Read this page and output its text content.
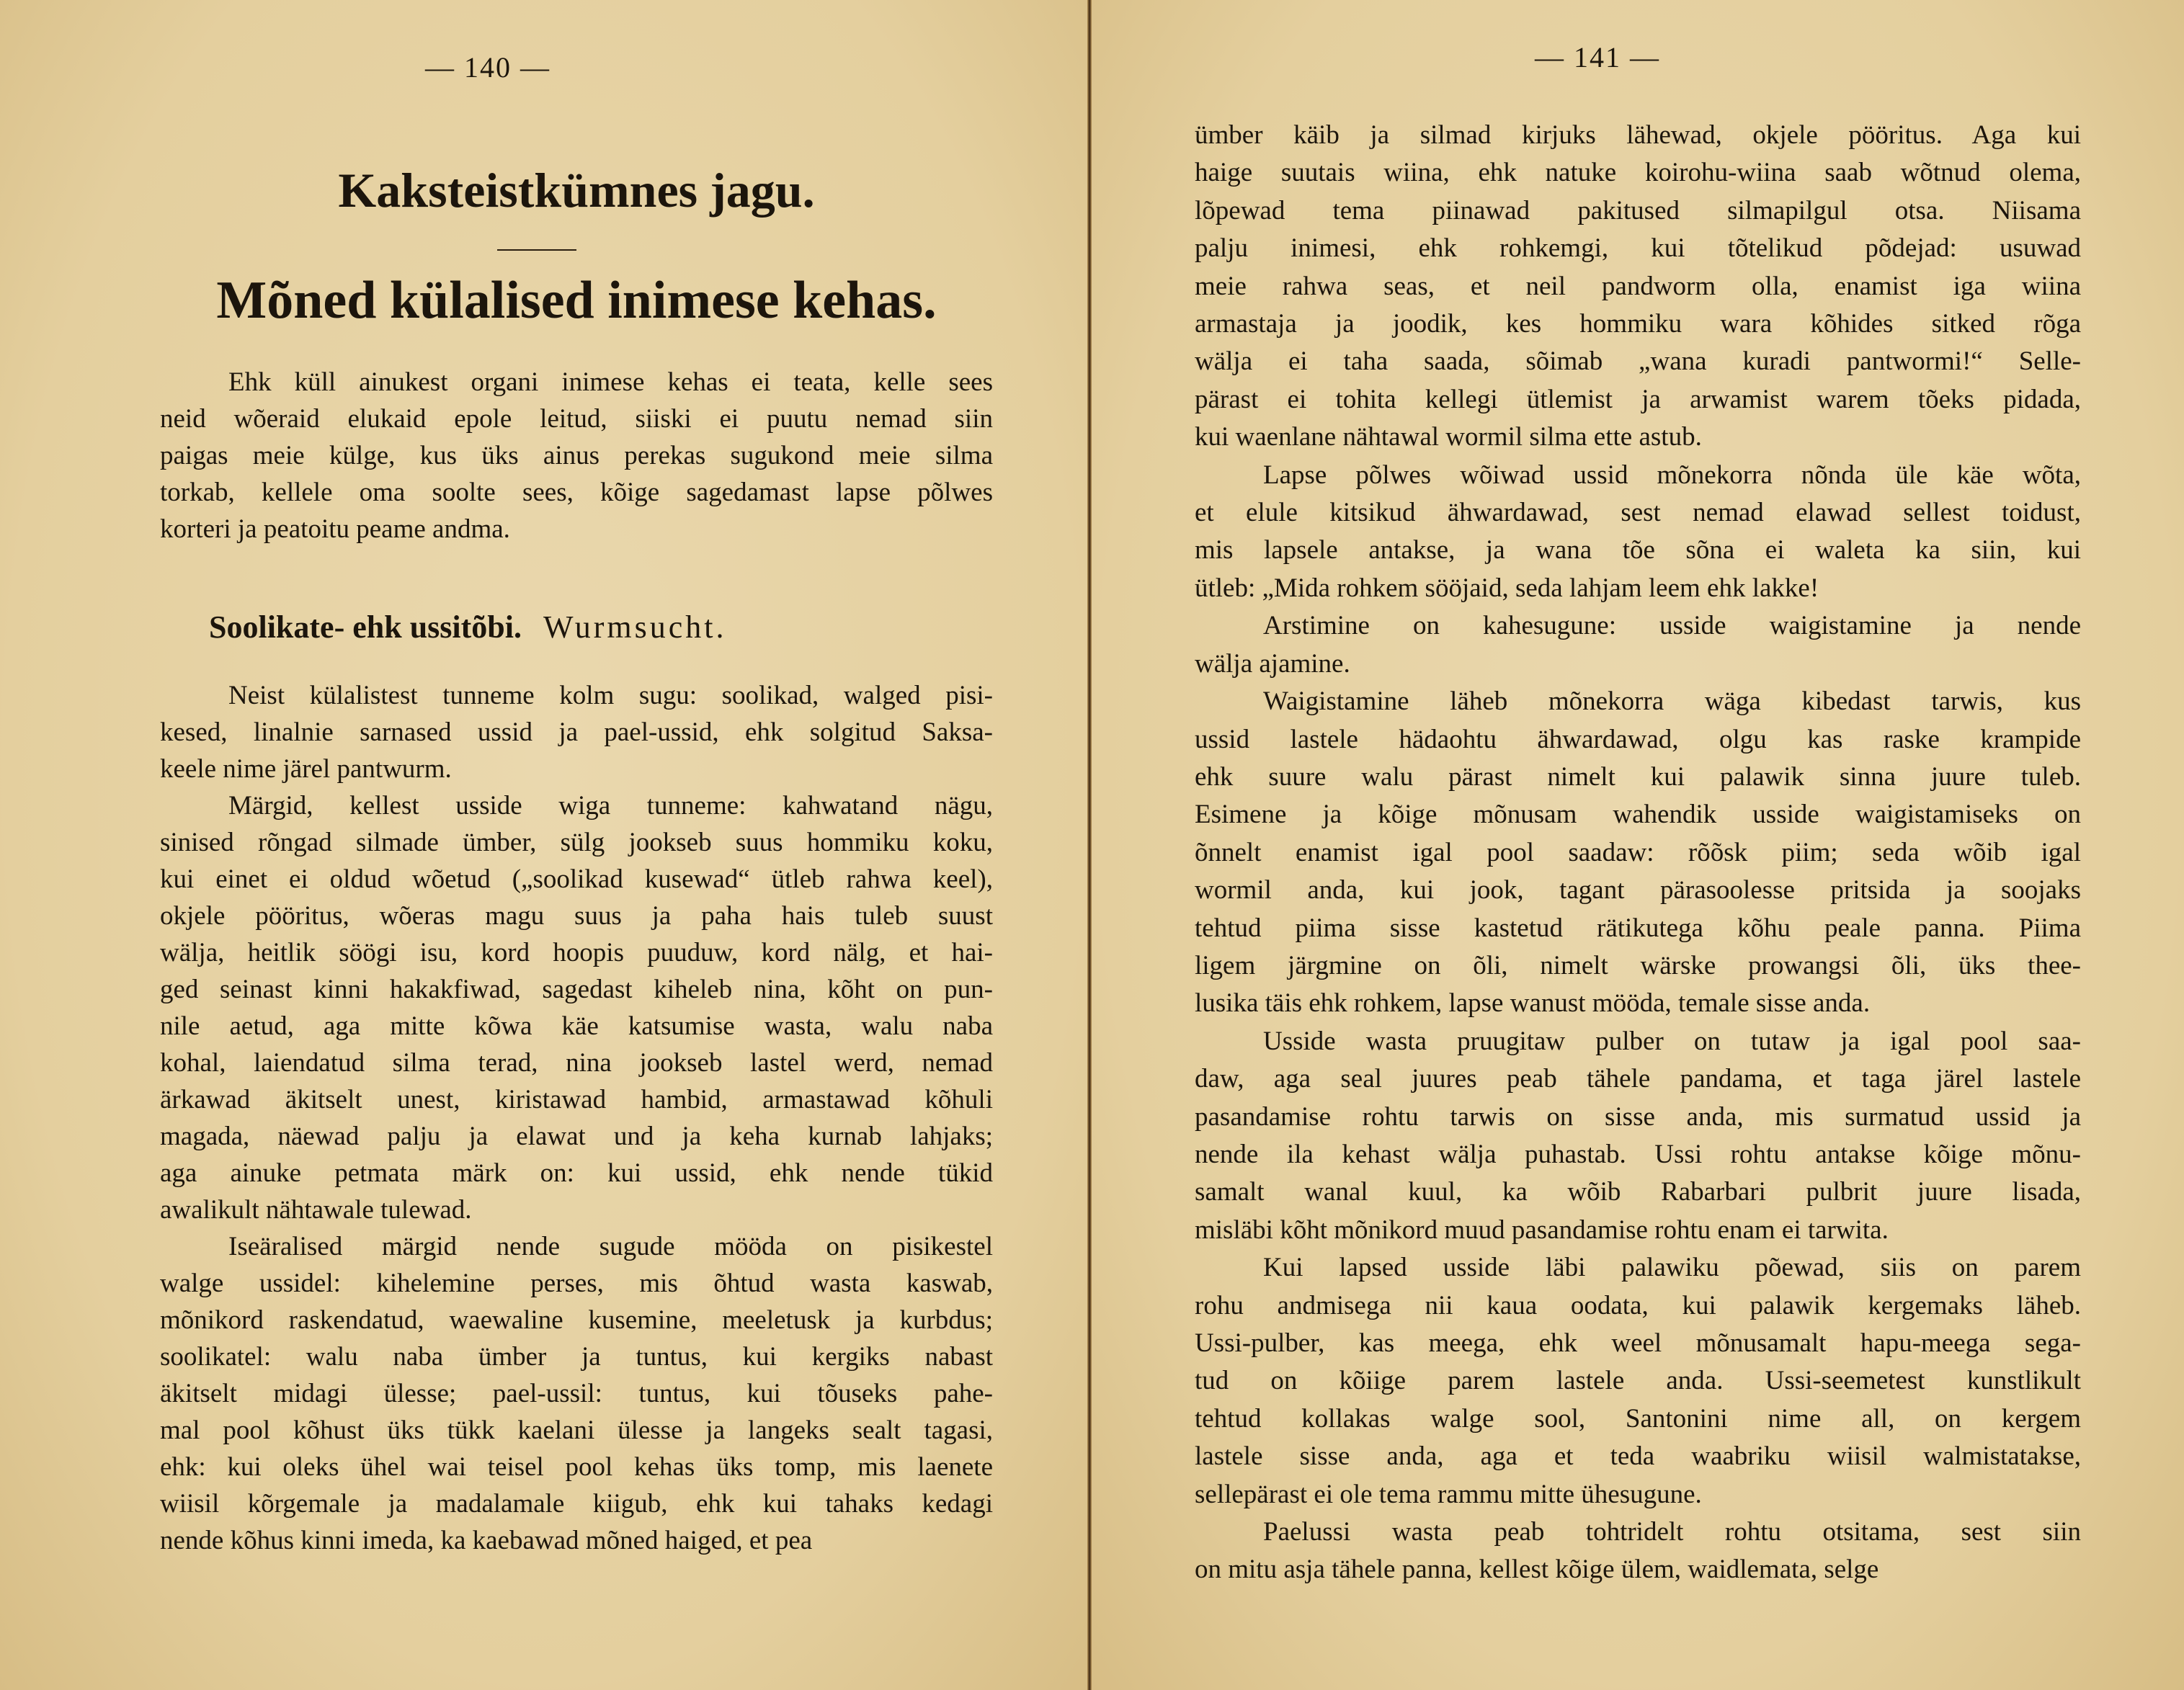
— 140 —
Kaksteistkümnes jagu.
Mõned külalised inimese kehas.
Ehk küll ainukest organi inimese kehas ei teata, kelle sees
neid wõeraid elukaid epole leitud, siiski ei puutu nemad siin
paigas meie külge, kus üks ainus perekas sugukond meie silma
torkab, kellele oma soolte sees, kõige sagedamast lapse põlwes
korteri ja peatoitu peame andma.
Soolikate- ehk ussitõbi. Wurmsucht.
Neist külalistest tunneme kolm sugu: soolikad, walged pisi-
kesed, linalnie sarnased ussid ja pael-ussid, ehk solgitud Saksa-
keele nime järel pantwurm.
Märgid, kellest usside wiga tunneme: kahwatand nägu,
sinised rõngad silmade ümber, sülg jookseb suus hommiku koku,
kui einet ei oldud wõetud („soolikad kusewad“ ütleb rahwa keel),
okjele pööritus, wõeras magu suus ja paha hais tuleb suust
wälja, heitlik söögi isu, kord hoopis puuduw, kord nälg, et hai-
ged seinast kinni hakakfiwad, sagedast kiheleb nina, kõht on pun-
nile aetud, aga mitte kõwa käe katsumise wasta, walu naba
kohal, laiendatud silma terad, nina jookseb lastel werd, nemad
ärkawad äkitselt unest, kiristawad hambid, armastawad kõhuli
magada, näewad palju ja elawat und ja keha kurnab lahjaks;
aga ainuke petmata märk on: kui ussid, ehk nende tükid
awalikult nähtawale tulewad.
Iseäralised märgid nende sugude mööda on pisikestel
walge ussidel: kihelemine perses, mis õhtud wasta kaswab,
mõnikord raskendatud, waewaline kusemine, meeletusk ja kurbdus;
soolikatel: walu naba ümber ja tuntus, kui kergiks nabast
äkitselt midagi ülesse; pael-ussil: tuntus, kui tõuseks pahe-
mal pool kõhust üks tükk kaelani ülesse ja langeks sealt tagasi,
ehk: kui oleks ühel wai teisel pool kehas üks tomp, mis laenete
wiisil kõrgemale ja madalamale kiigub, ehk kui tahaks kedagi
nende kõhus kinni imeda, ka kaebawad mõned haiged, et pea
— 141 —
ümber käib ja silmad kirjuks lähewad, okjele pööritus. Aga kui
haige suutais wiina, ehk natuke koirohu-wiina saab wõtnud olema,
lõpewad tema piinawad pakitused silmapilgul otsa. Niisama
palju inimesi, ehk rohkemgi, kui tõtelikud põdejad: usuwad
meie rahwa seas, et neil pandworm olla, enamist iga wiina
armastaja ja joodik, kes hommiku wara kõhides sitked rõga
wälja ei taha saada, sõimab „wana kuradi pantwormi!“ Selle-
pärast ei tohita kellegi ütlemist ja arwamist warem tõeks pidada,
kui waenlane nähtawal wormil silma ette astub.
Lapse põlwes wõiwad ussid mõnekorra nõnda üle käe wõta,
et elule kitsikud ähwardawad, sest nemad elawad sellest toidust,
mis lapsele antakse, ja wana tõe sõna ei waleta ka siin, kui
ütleb: „Mida rohkem sööjaid, seda lahjam leem ehk lakke!
Arstimine on kahesugune: usside waigistamine ja nende
wälja ajamine.
Waigistamine läheb mõnekorra wäga kibedast tarwis, kus
ussid lastele hädaohtu ähwardawad, olgu kas raske krampide
ehk suure walu pärast nimelt kui palawik sinna juure tuleb.
Esimene ja kõige mõnusam wahendik usside waigistamiseks on
õnnelt enamist igal pool saadaw: rõõsk piim; seda wõib igal
wormil anda, kui jook, tagant pärasoolesse pritsida ja soojaks
tehtud piima sisse kastetud rätikutega kõhu peale panna. Piima
ligem järgmine on õli, nimelt wärske prowangsi õli, üks thee-
lusika täis ehk rohkem, lapse wanust mööda, temale sisse anda.
Usside wasta pruugitaw pulber on tutaw ja igal pool saa-
daw, aga seal juures peab tähele pandama, et taga järel lastele
pasandamise rohtu tarwis on sisse anda, mis surmatud ussid ja
nende ila kehast wälja puhastab. Ussi rohtu antakse kõige mõnu-
samalt wanal kuul, ka wõib Rabarbari pulbrit juure lisada,
misläbi kõht mõnikord muud pasandamise rohtu enam ei tarwita.
Kui lapsed usside läbi palawiku põewad, siis on parem
rohu andmisega nii kaua oodata, kui palawik kergemaks läheb.
Ussi-pulber, kas meega, ehk weel mõnusamalt hapu-meega sega-
tud on kõiige parem lastele anda. Ussi-seemetest kunstlikult
tehtud kollakas walge sool, Santonini nime all, on kergem
lastele sisse anda, aga et teda waabriku wiisil walmistatakse,
sellepärast ei ole tema rammu mitte ühesugune.
Paelussi wasta peab tohtridelt rohtu otsitama, sest siin
on mitu asja tähele panna, kellest kõige ülem, waidlemata, selge
